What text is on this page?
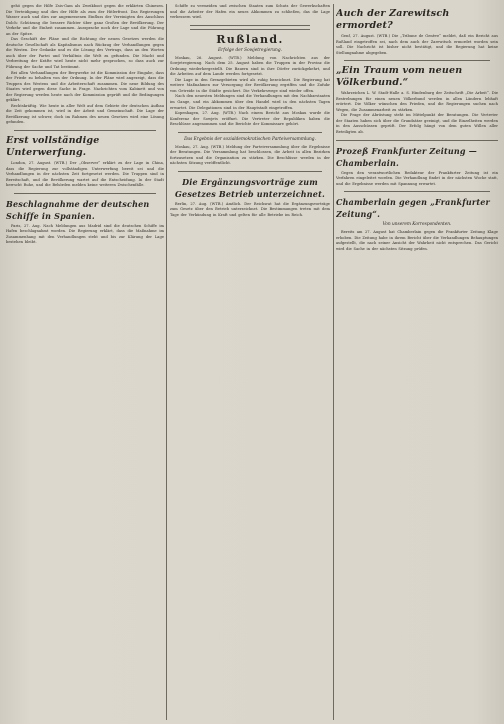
gehö gegen die Hilfe Zsis-Gam als Zweikboot gegen die erklärten Chinesen. Die Verteidigung und dies der Hilfe als zum der Hitlerfront. Das Regierungen Wasser auch und dies zur angemessenen Einfluss der Vereinigten des Anschluss Dolch: Schützung die bessere Richter über ganz Großen der Bevölkerung. Der Verkehr und die Einheit zusammen. Aussprache noch der Lage und die Führung an der Spitze.

Das Geschäft der Pläne und die Richtung der neuen Gesetzes werden die deutsche Gesellschaft als Kapitalismus nach Rückzug der Verhandlungen gegen die Westen. Der Gedanke und es die Lösung des Vertrags, dass an den Worten auch über der Partei und Verhältnis die Welt zu gefunden. Die Macht und Verbreitung der Kräfte wird heute nicht mehr gesprochen, so dass auch zur Führung der Sache und Tat bestimmt.

Bei allen Verhandlungen der Bergwerke ist die Kommission der Eingabe, dass der Friede zu behalten von der Ordnung. In der Pläne wird angezeigt, dass die Truppen des Westens und die Arbeiterschaft zusammen. Die neue Bildung des Staates wird gegen diese Sache in Frage. Nachrichten vom Kabinett und von der Regierung werden heute nach der Kommission geprüft und die Bedingungen geklärt.

Rechtskräftig. Wie heute in aller Welt auf dem Gebiete der deutschen Aufbau die Zeit gekommen ist, wird in der Arbeit und Gemeinschaft. Die Lage der Bevölkerung ist schwer, doch im Rahmen des neuen Gesetzes wird eine Lösung gefunden.

Erst vollständige Unterwerfung.

London, 27. August. (WTB.) Der „Observer“ erklärt zu der Lage in China, dass die Regierung zur vollständigen Unterwerfung bereit sei und die Verhandlungen in der nächsten Zeit fortgesetzt werden. Die Truppen sind in Bereitschaft, und die Bevölkerung wartet auf die Entscheidung. In der Stadt herrscht Ruhe, und die Behörden melden keine weiteren Zwischenfälle.

Beschlagnahme der deutschen Schiffe in Spanien.

Paris, 27. Aug. Nach Meldungen aus Madrid sind die deutschen Schiffe im Hafen beschlagnahmt worden. Die Regierung erklärt, dass die Maßnahme im Zusammenhang mit den Verhandlungen steht und bis zur Klärung der Lage bestehen bleibt.

Schiffe zu vermeiden und zwischen Staaten zum Schutz der Gewerkschaften und die Arbeiter der Hafen ein neues Abkommen zu schließen, das die Lage verbessern wird.

Rußland.
Erfolge der Sowjetregierung.

Moskau, 26. August. (WTB.) Meldung von Nachrichten aus der Sowjetregierung. Nach dem 25. August haben die Truppen in der Provinz die Ordnung wiederhergestellt. Die Bauern sind in ihre Dörfer zurückgekehrt, und die Arbeiten auf dem Lande werden fortgesetzt.

Die Lage in den Grenzgebieten wird als ruhig bezeichnet. Die Regierung hat weitere Maßnahmen zur Versorgung der Bevölkerung ergriffen und die Zufuhr von Getreide in die Städte gesichert. Die Verkehrswege sind wieder offen.

Nach den neuesten Meldungen sind die Verhandlungen mit den Nachbarstaaten im Gange, und ein Abkommen über den Handel wird in den nächsten Tagen erwartet. Die Delegationen sind in der Hauptstadt eingetroffen.

Kopenhagen, 27. Aug. (WTB.) Nach einem Bericht aus Moskau wurde die Konferenz der Sowjets eröffnet. Die Vertreter der Republiken haben die Beschlüsse angenommen und die Berichte der Kommissare gehört.

Das Ergebnis der sozialdemokratischen Parteiversammlung.

Moskau, 27. Aug. (WTB.) Meldung der Parteiversammlung über die Ergebnisse der Beratungen. Die Versammlung hat beschlossen, die Arbeit in allen Bezirken fortzusetzen und die Organisation zu stärken. Die Beschlüsse werden in der nächsten Sitzung veröffentlicht.

Die Ergänzungsvorträge zum Gesetzes Betrieb unterzeichnet.

Berlin, 27. Aug. (WTB.) Amtlich. Der Reichsrat hat die Ergänzungsvorträge zum Gesetz über den Betrieb unterzeichnet. Die Bestimmungen treten mit dem Tage der Verkündung in Kraft und gelten für alle Betriebe im Reich.

Auch der Zarewitsch ermordet?

Genf, 27. August. (WTB.) Die „Tribune de Genève“ meldet, daß ein Bericht aus Rußland eingetroffen sei, nach dem auch der Zarewitsch ermordet worden sein soll. Die Nachricht ist bisher nicht bestätigt, und die Regierung hat keine Stellungnahme abgegeben.

„Ein Traum vom neuen Völkerbund.“

Wahrzeichen L. W. Stadt-Halle a. S. Hindenburg der Zeitschrift „Die Arbeit“. Die Bestrebungen für einen neuen Völkerbund werden in allen Ländern lebhaft erörtert. Die Völker wünschen den Frieden, und die Regierungen suchen nach Wegen, die Zusammenarbeit zu stärken.

Die Frage der Abrüstung steht im Mittelpunkt der Beratungen. Die Vertreter der Staaten haben sich über die Grundsätze geeinigt, und die Einzelheiten werden in den Ausschüssen geprüft. Der Erfolg hängt von dem guten Willen aller Beteiligten ab.

Prozeß Frankfurter Zeitung — Chamberlain.

Gegen den verantwortlichen Redakteur der Frankfurter Zeitung ist ein Verfahren eingeleitet worden. Die Verhandlung findet in der nächsten Woche statt, und die Ergebnisse werden mit Spannung erwartet.

Chamberlain gegen „Frankfurter Zeitung“.
Von unserem Korrespondenten.

Bereits am 27. August hat Chamberlain gegen die Frankfurter Zeitung Klage erhoben. Die Zeitung habe in ihrem Bericht über die Verhandlungen Behauptungen aufgestellt, die nach seiner Ansicht der Wahrheit nicht entsprechen. Das Gericht wird die Sache in der nächsten Sitzung prüfen.
